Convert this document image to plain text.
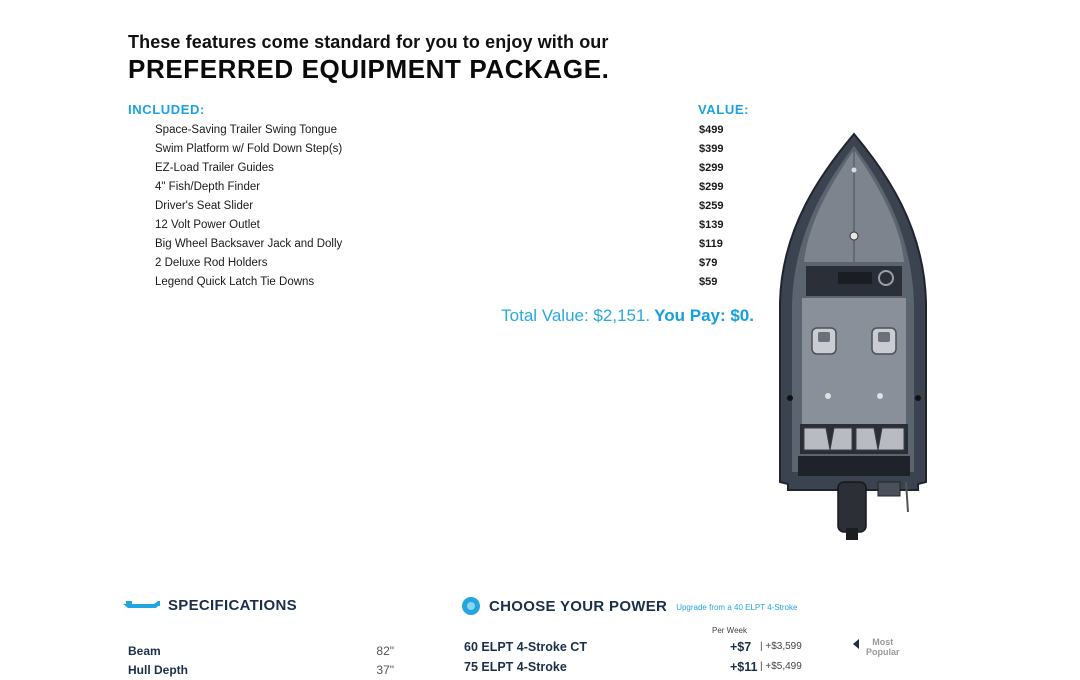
These features come standard for you to enjoy with our
PREFERRED EQUIPMENT PACKAGE.
INCLUDED:	VALUE:
Space-Saving Trailer Swing Tongue	$499
Swim Platform w/ Fold Down Step(s)	$399
EZ-Load Trailer Guides	$299
4" Fish/Depth Finder	$299
Driver's Seat Slider	$259
12 Volt Power Outlet	$139
Big Wheel Backsaver Jack and Dolly	$119
2 Deluxe Rod Holders	$79
Legend Quick Latch Tie Downs	$59
Total Value: $2,151. You Pay: $0.
SPECIFICATIONS
Beam	82"
Hull Depth	37"
CHOOSE YOUR POWER Upgrade from a 40 ELPT 4-Stroke
Per Week
60 ELPT 4-Stroke CT	+$7 | +$3,599
75 ELPT 4-Stroke	+$11 | +$5,499
Most
Popular
